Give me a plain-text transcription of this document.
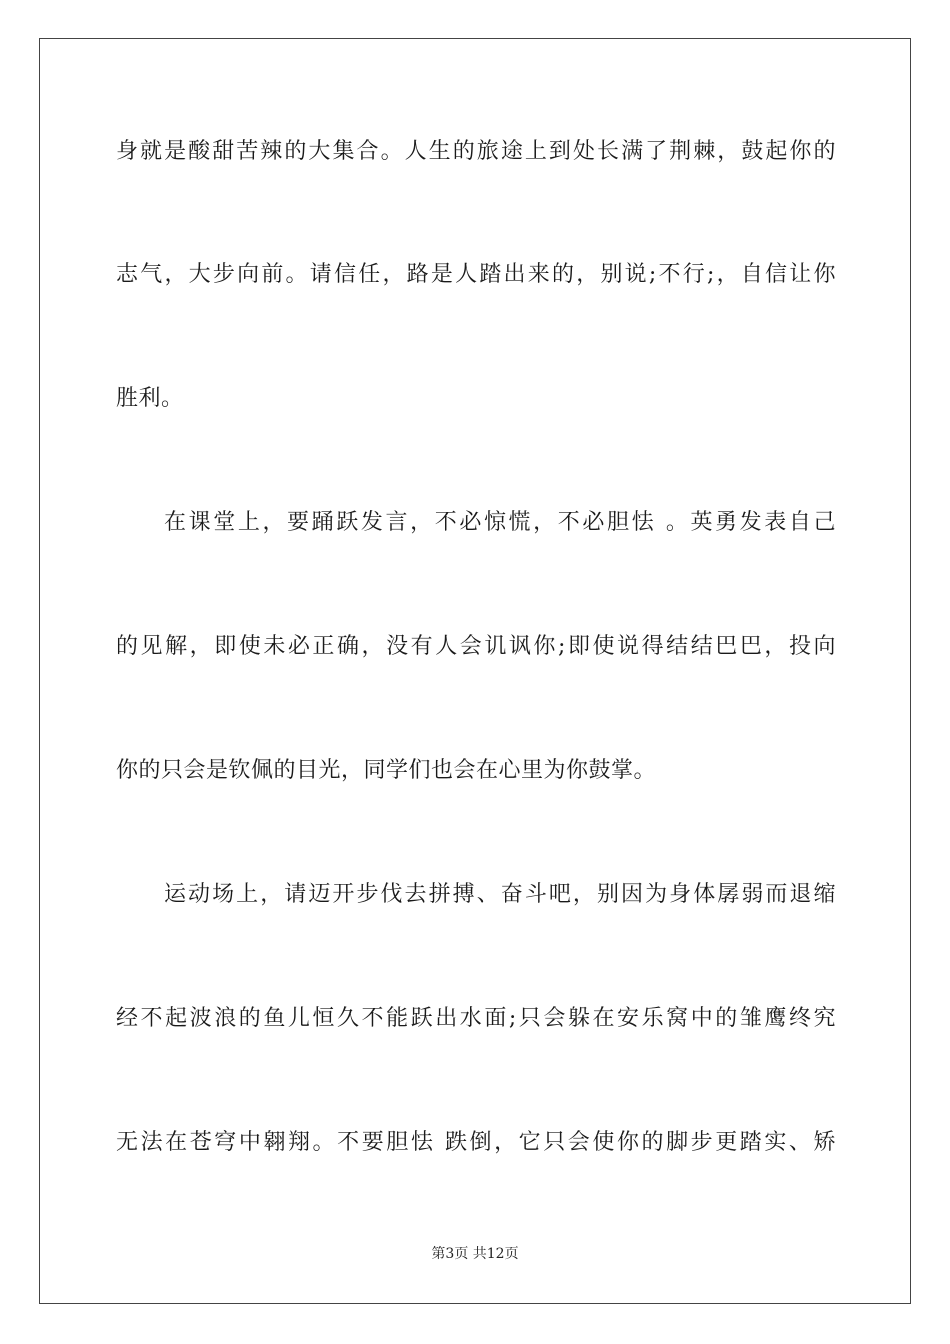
身就是酸甜苦辣的大集合。人生的旅途上到处长满了荆棘，鼓起你的
志气，大步向前。请信任，路是人踏出来的，别说;不行;，自信让你
胜利。
在课堂上，要踊跃发言，不必惊慌，不必胆怯 。英勇发表自己
的见解，即使未必正确，没有人会讥讽你;即使说得结结巴巴，投向
你的只会是钦佩的目光，同学们也会在心里为你鼓掌。
运动场上，请迈开步伐去拼搏、奋斗吧，别因为身体孱弱而退缩
经不起波浪的鱼儿恒久不能跃出水面;只会躲在安乐窝中的雏鹰终究
无法在苍穹中翱翔。不要胆怯 跌倒，它只会使你的脚步更踏实、矫
第3页 共12页
